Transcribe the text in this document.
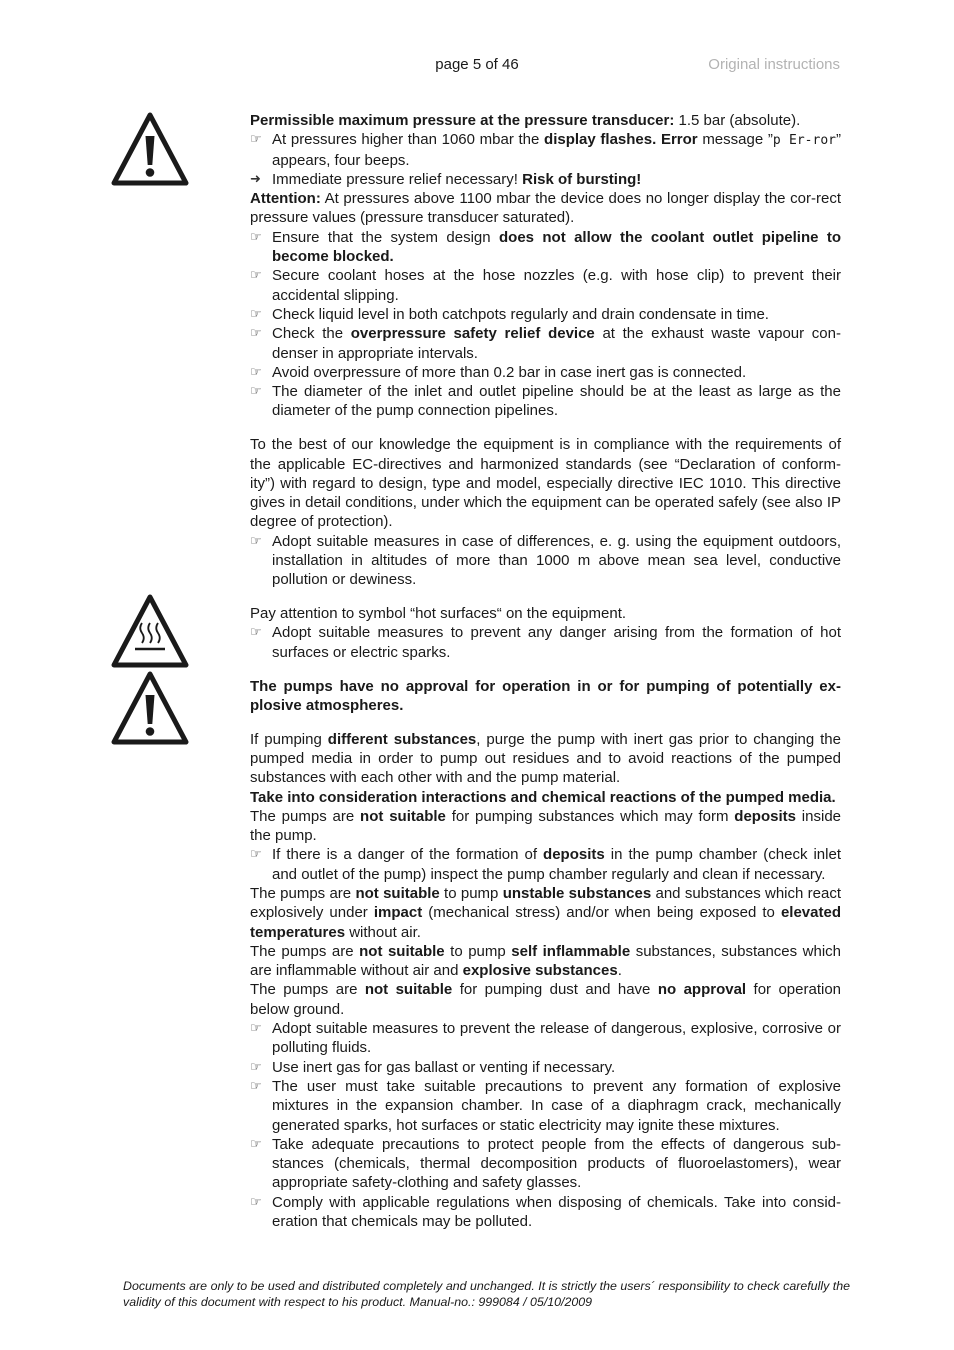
page 5 of 46	Original instructions

Permissible maximum pressure at the pressure transducer: 1.5 bar (absolute).

☞ At pressures higher than 1060 mbar the display flashes. Error message ”p Er-ror” appears, four beeps.
➜ Immediate pressure relief necessary! Risk of bursting!

Attention: At pressures above 1100 mbar the device does no longer display the cor-rect pressure values (pressure transducer saturated).

☞ Ensure that the system design does not allow the coolant outlet pipeline to become blocked.
☞ Secure coolant hoses at the hose nozzles (e.g. with hose clip) to prevent their accidental slipping.
☞ Check liquid level in both catchpots regularly and drain condensate in time.
☞ Check the overpressure safety relief device at the exhaust waste vapour con-denser in appropriate intervals.
☞ Avoid overpressure of more than 0.2 bar in case inert gas is connected.
☞ The diameter of the inlet and outlet pipeline should be at the least as large as the diameter of the pump connection pipelines.

To the best of our knowledge the equipment is in compliance with the requirements of the applicable EC-directives and harmonized standards (see “Declaration of conform-ity”) with regard to design, type and model, especially directive IEC 1010. This directive gives in detail conditions, under which the equipment can be operated safely (see also IP degree of protection).

☞ Adopt suitable measures in case of differences, e. g. using the equipment outdoors, installation in altitudes of more than 1000 m above mean sea level, conductive pollution or dewiness.

Pay attention to symbol “hot surfaces“ on the equipment.

☞ Adopt suitable measures to prevent any danger arising from the formation of hot surfaces or electric sparks.

The pumps have no approval for operation in or for pumping of potentially ex-plosive atmospheres.

If pumping different substances, purge the pump with inert gas prior to changing the pumped media in order to pump out residues and to avoid reactions of the pumped substances with each other with and the pump material.

Take into consideration interactions and chemical reactions of the pumped media.

The pumps are not suitable for pumping substances which may form deposits inside the pump.

☞ If there is a danger of the formation of deposits in the pump chamber (check inlet and outlet of the pump) inspect the pump chamber regularly and clean if necessary.

The pumps are not suitable to pump unstable substances and substances which react explosively under impact (mechanical stress) and/or when being exposed to elevated temperatures without air.

The pumps are not suitable to pump self inflammable substances, substances which are inflammable without air and explosive substances.

The pumps are not suitable for pumping dust and have no approval for operation below ground.

☞ Adopt suitable measures to prevent the release of dangerous, explosive, corrosive or polluting fluids.
☞ Use inert gas for gas ballast or venting if necessary.
☞ The user must take suitable precautions to prevent any formation of explosive mixtures in the expansion chamber. In case of a diaphragm crack, mechanically generated sparks, hot surfaces or static electricity may ignite these mixtures.
☞ Take adequate precautions to protect people from the effects of dangerous sub-stances (chemicals, thermal decomposition products of fluoroelastomers), wear appropriate safety-clothing and safety glasses.
☞ Comply with applicable regulations when disposing of chemicals. Take into consid-eration that chemicals may be polluted.
Documents are only to be used and distributed completely and unchanged. It is strictly the users´ responsibility to check carefully the validity of this document with respect to his product. Manual-no.: 999084 / 05/10/2009
